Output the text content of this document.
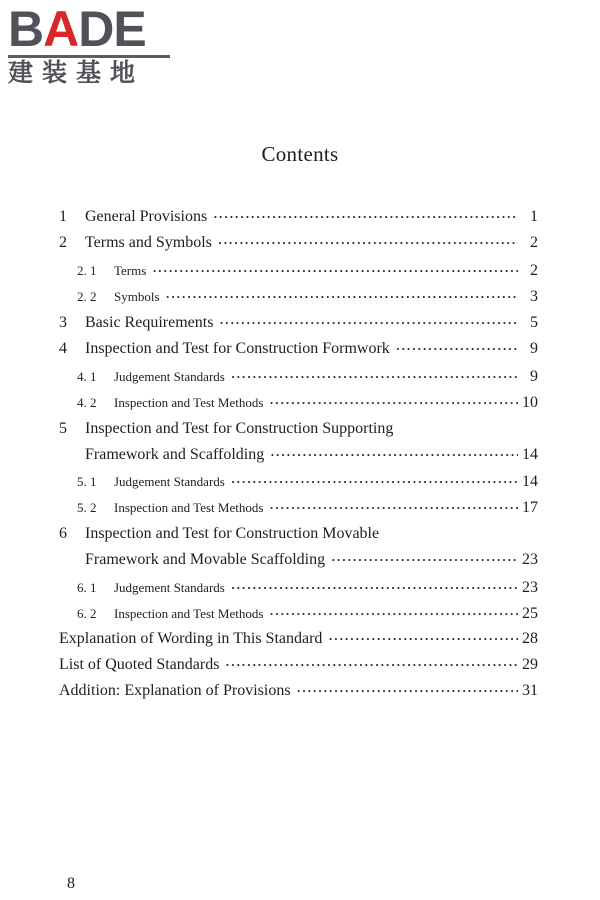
BADE
建装基地
Contents
1	General Provisions ·····	1
2	Terms and Symbols ·····	2
2. 1	Terms ·····	2
2. 2	Symbols ·····	3
3	Basic Requirements ·····	5
4	Inspection and Test for Construction Formwork ·····	9
4. 1	Judgement Standards ·····	9
4. 2	Inspection and Test Methods ·····	10
5	Inspection and Test for Construction Supporting
Framework and Scaffolding ·····	14
5. 1	Judgement Standards ·····	14
5. 2	Inspection and Test Methods ·····	17
6	Inspection and Test for Construction Movable
Framework and Movable Scaffolding ·····	23
6. 1	Judgement Standards ·····	23
6. 2	Inspection and Test Methods ·····	25
Explanation of Wording in This Standard ·····	28
List of Quoted Standards ·····	29
Addition: Explanation of Provisions ·····	31
8
